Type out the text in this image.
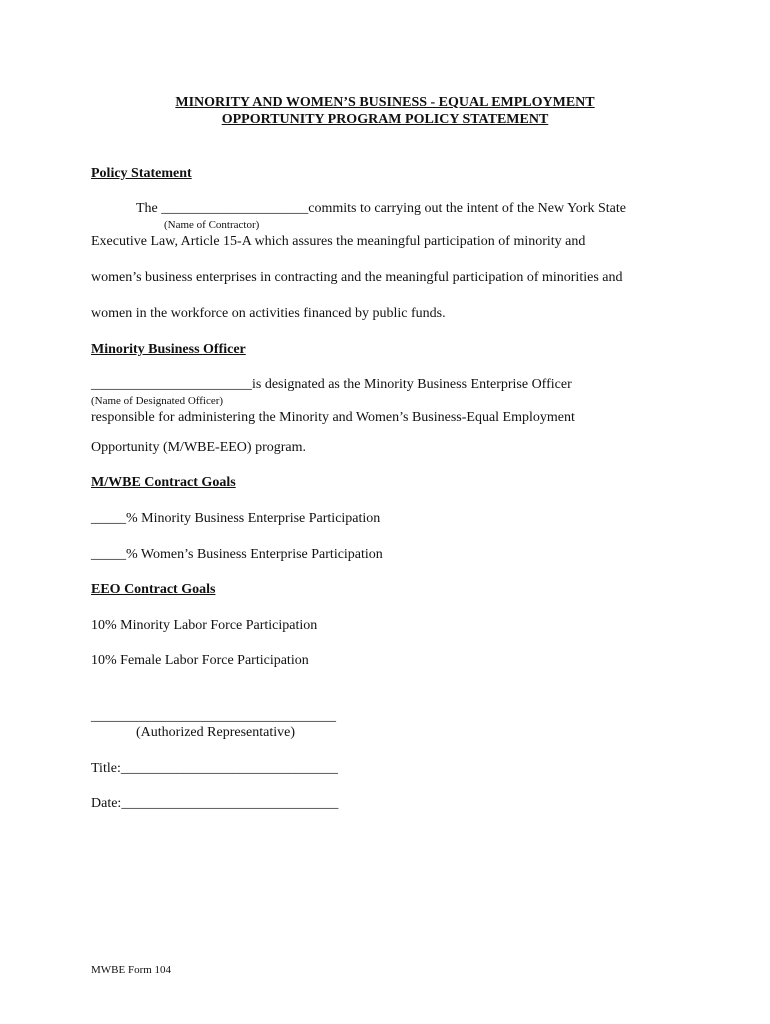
MINORITY AND WOMEN’S BUSINESS - EQUAL EMPLOYMENT
OPPORTUNITY PROGRAM POLICY STATEMENT
Policy Statement
The _____________________commits to carrying out the intent of the New York State
(Name of Contractor)
Executive Law, Article 15-A which assures the meaningful participation of minority and
women’s business enterprises in contracting and the meaningful participation of minorities and
women in the workforce on activities financed by public funds.
Minority Business Officer
_______________________is designated as the Minority Business Enterprise Officer
(Name of Designated Officer)
responsible for administering the Minority and Women’s Business-Equal Employment
Opportunity (M/WBE-EEO) program.
M/WBE Contract Goals
_____% Minority Business Enterprise Participation
_____% Women’s Business Enterprise Participation
EEO Contract Goals
10% Minority Labor Force Participation
10% Female Labor Force Participation
___________________________________
(Authorized Representative)
Title:_______________________________
Date:_______________________________
MWBE Form 104
